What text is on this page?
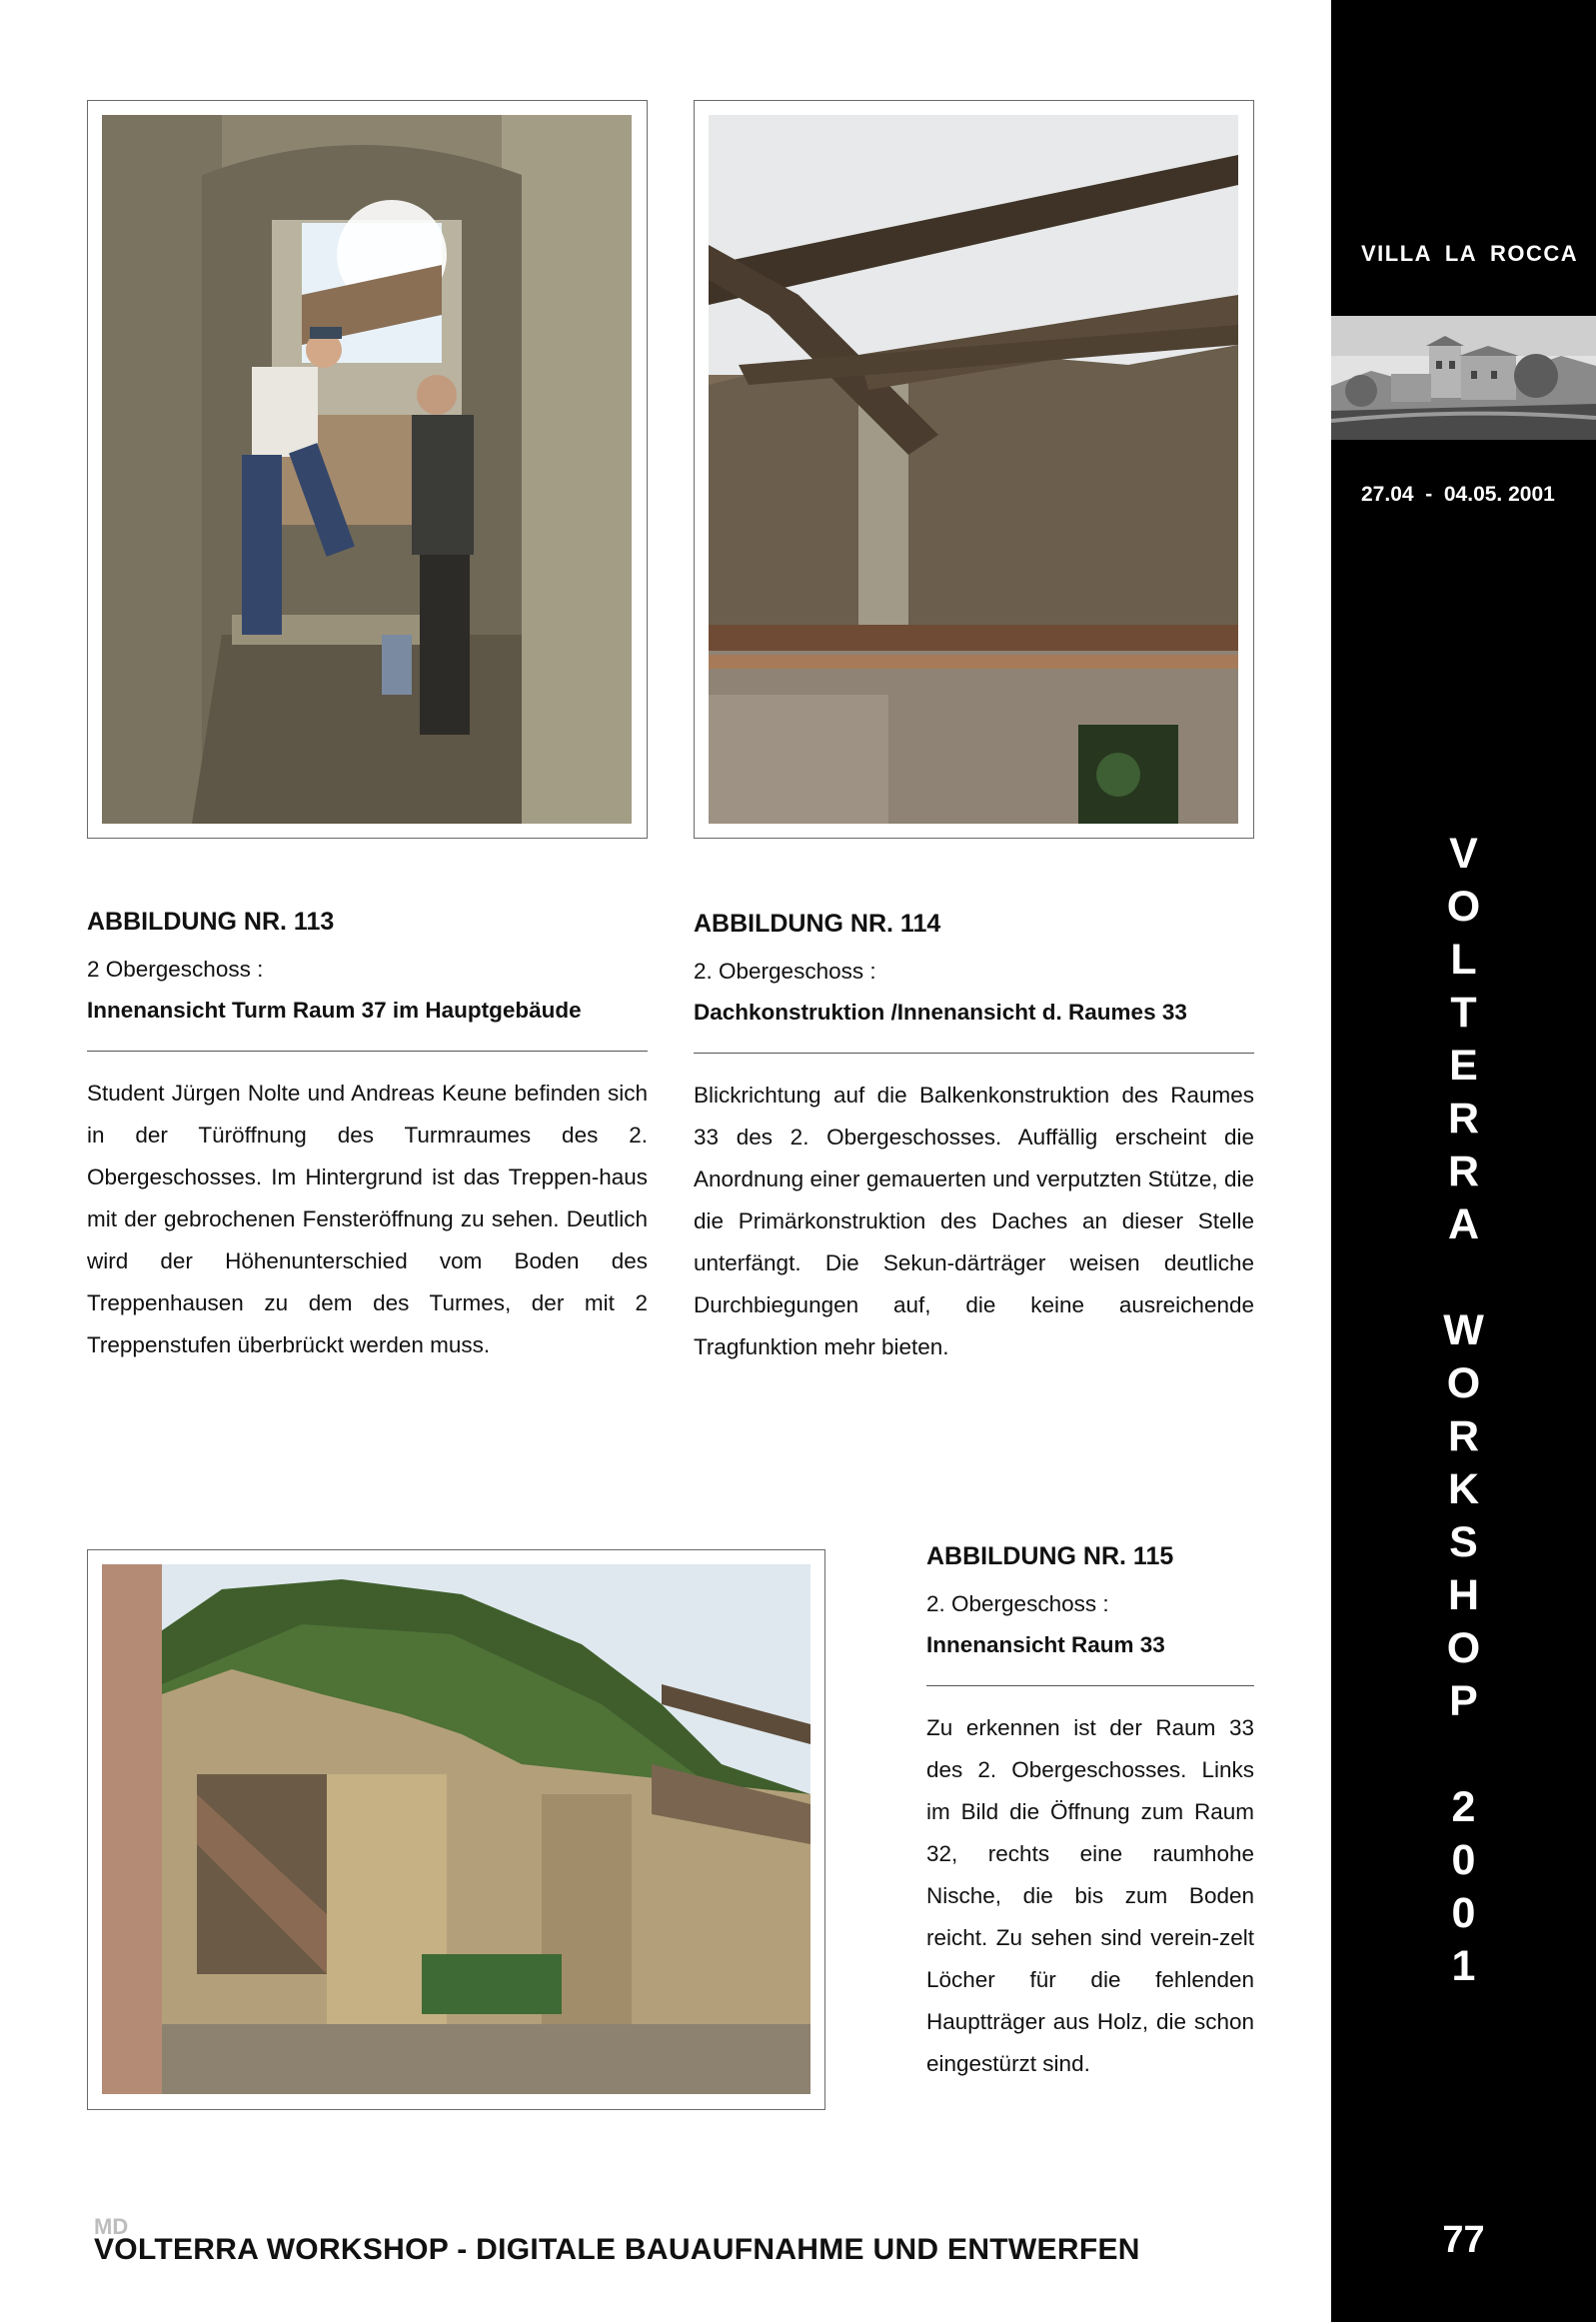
VILLA LA ROCCA
27.04  -  04.05. 2001
V
O
L
T
E
R
R
A
W
O
R
K
S
H
O
P
2
0
0
1
77
ABBILDUNG NR. 113
2 Obergeschoss :
Innenansicht Turm Raum 37 im Hauptgebäude
Student Jürgen Nolte und Andreas Keune befinden sich in der Türöffnung des Turmraumes des 2. Obergeschosses. Im Hintergrund ist das Treppen-haus mit der gebrochenen Fensteröffnung zu sehen. Deutlich wird der Höhenunterschied vom Boden des Treppenhausen zu dem des Turmes, der mit 2 Treppenstufen überbrückt werden muss.
ABBILDUNG NR. 114
2. Obergeschoss :
Dachkonstruktion /Innenansicht d. Raumes 33
Blickrichtung auf die Balkenkonstruktion des Raumes 33 des 2. Obergeschosses. Auffällig erscheint die Anordnung einer gemauerten und verputzten Stütze, die die Primärkonstruktion des Daches an dieser Stelle unterfängt. Die Sekun-därträger weisen deutliche Durchbiegungen auf, die keine ausreichende Tragfunktion mehr bieten.
ABBILDUNG NR. 115
2. Obergeschoss :
Innenansicht Raum 33
Zu erkennen ist der Raum 33 des 2. Obergeschosses. Links im Bild die Öffnung zum Raum 32, rechts eine raumhohe Nische, die bis zum Boden reicht. Zu sehen sind verein-zelt Löcher für die fehlenden Hauptträger aus Holz, die schon eingestürzt sind.
MD
VOLTERRA WORKSHOP - DIGITALE BAUAUFNAHME UND ENTWERFEN
